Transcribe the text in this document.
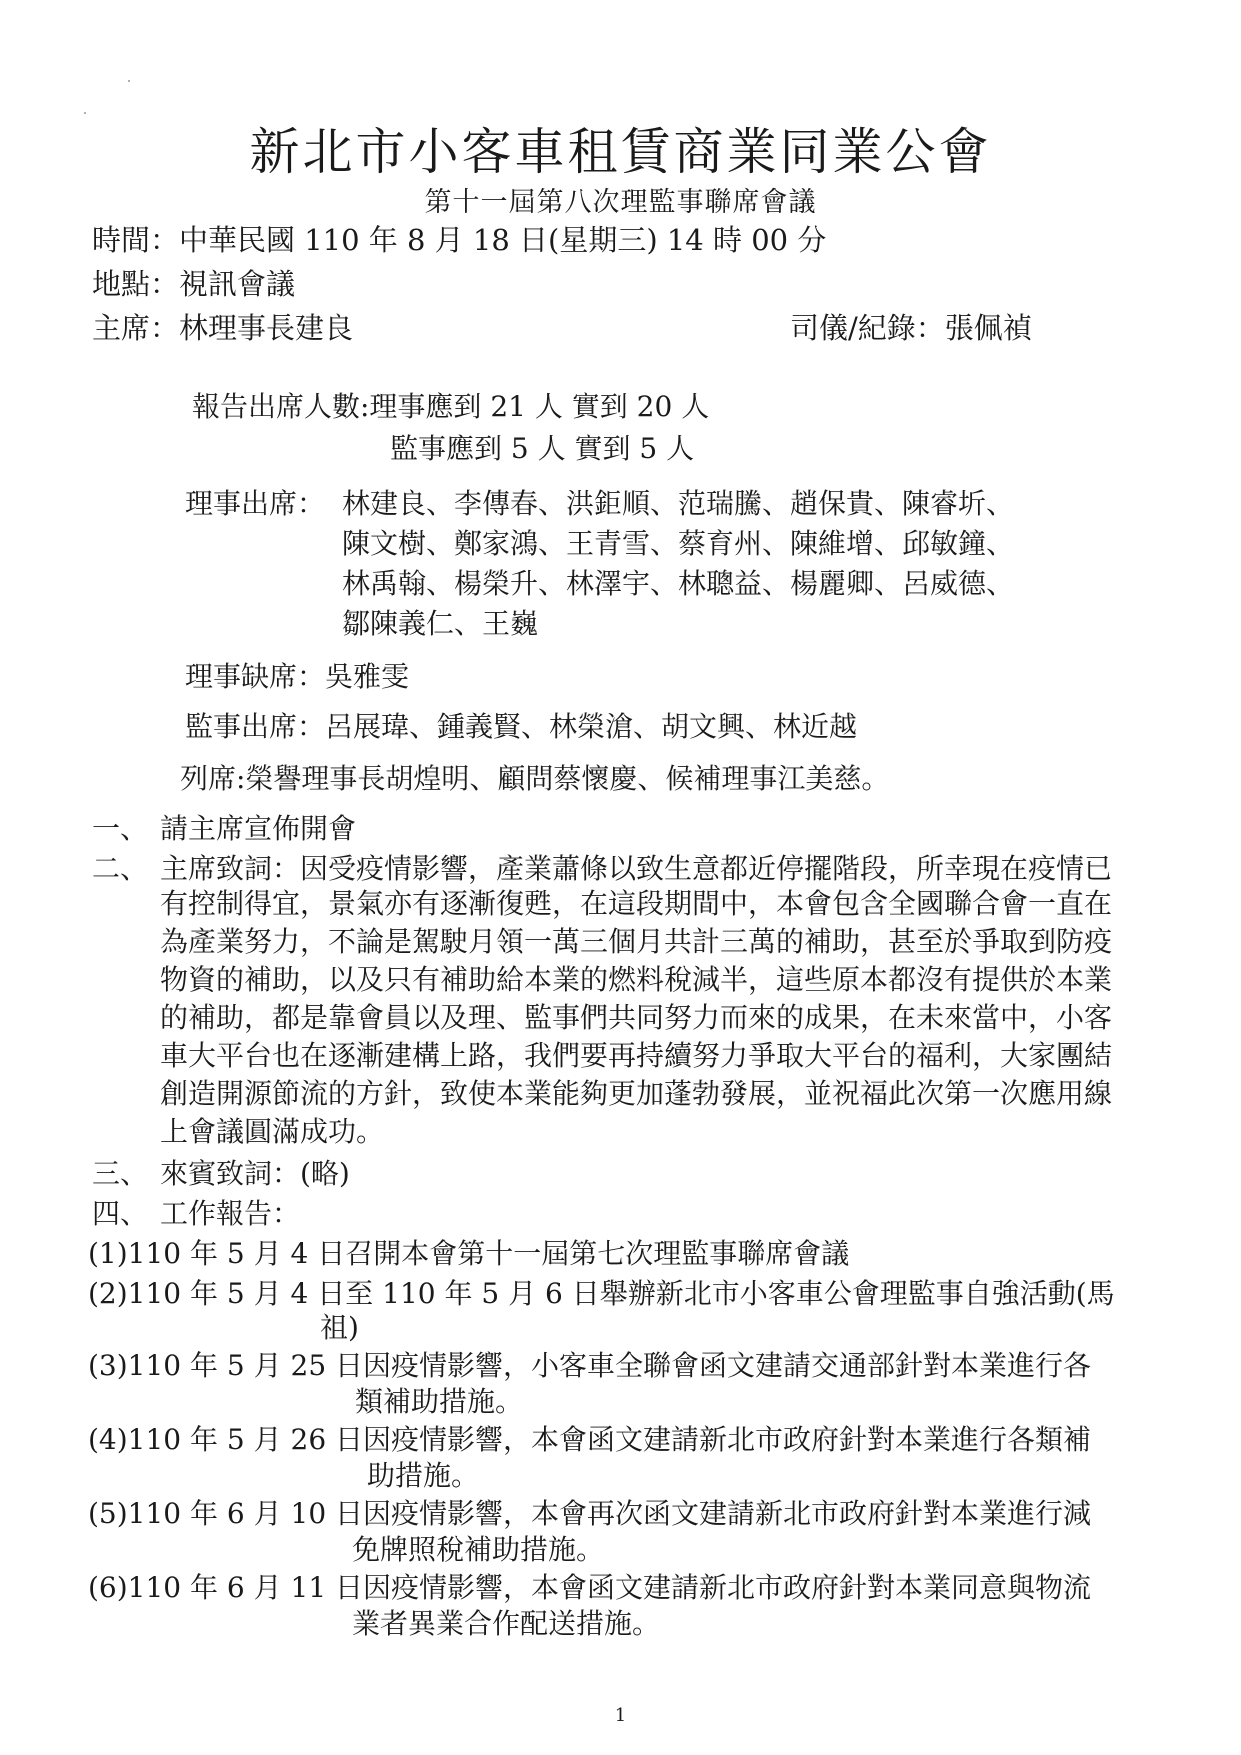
新北市小客車租賃商業同業公會
第十一屆第八次理監事聯席會議
時間：中華民國 110 年 8 月 18 日(星期三) 14 時 00 分
地點：視訊會議
主席：林理事長建良	司儀/紀錄：張佩禎
報告出席人數:理事應到 21 人 實到 20 人
監事應到 5 人 實到 5 人
理事出席： 林建良、李傳春、洪鉅順、范瑞騰、趙保貴、陳睿圻、
陳文樹、鄭家鴻、王青雪、蔡育州、陳維增、邱敏鐘、
林禹翰、楊榮升、林澤宇、林聰益、楊麗卿、呂威德、
鄒陳義仁、王巍
理事缺席：吳雅雯
監事出席：呂展瑋、鍾義賢、林榮滄、胡文興、林近越
列席:榮譽理事長胡煌明、顧問蔡懷慶、候補理事江美慈。
一、 請主席宣佈開會
二、 主席致詞：因受疫情影響，產業蕭條以致生意都近停擺階段，所幸現在疫情已
有控制得宜，景氣亦有逐漸復甦，在這段期間中，本會包含全國聯合會一直在
為產業努力，不論是駕駛月領一萬三個月共計三萬的補助，甚至於爭取到防疫
物資的補助，以及只有補助給本業的燃料稅減半，這些原本都沒有提供於本業
的補助，都是靠會員以及理、監事們共同努力而來的成果，在未來當中，小客
車大平台也在逐漸建構上路，我們要再持續努力爭取大平台的福利，大家團結
創造開源節流的方針，致使本業能夠更加蓬勃發展，並祝福此次第一次應用線
上會議圓滿成功。
三、 來賓致詞：(略)
四、 工作報告：
(1)110 年 5 月 4 日召開本會第十一屆第七次理監事聯席會議
(2)110 年 5 月 4 日至 110 年 5 月 6 日舉辦新北市小客車公會理監事自強活動(馬
祖)
(3)110 年 5 月 25 日因疫情影響，小客車全聯會函文建請交通部針對本業進行各
類補助措施。
(4)110 年 5 月 26 日因疫情影響，本會函文建請新北市政府針對本業進行各類補
助措施。
(5)110 年 6 月 10 日因疫情影響，本會再次函文建請新北市政府針對本業進行減
免牌照稅補助措施。
(6)110 年 6 月 11 日因疫情影響，本會函文建請新北市政府針對本業同意與物流
業者異業合作配送措施。
1
